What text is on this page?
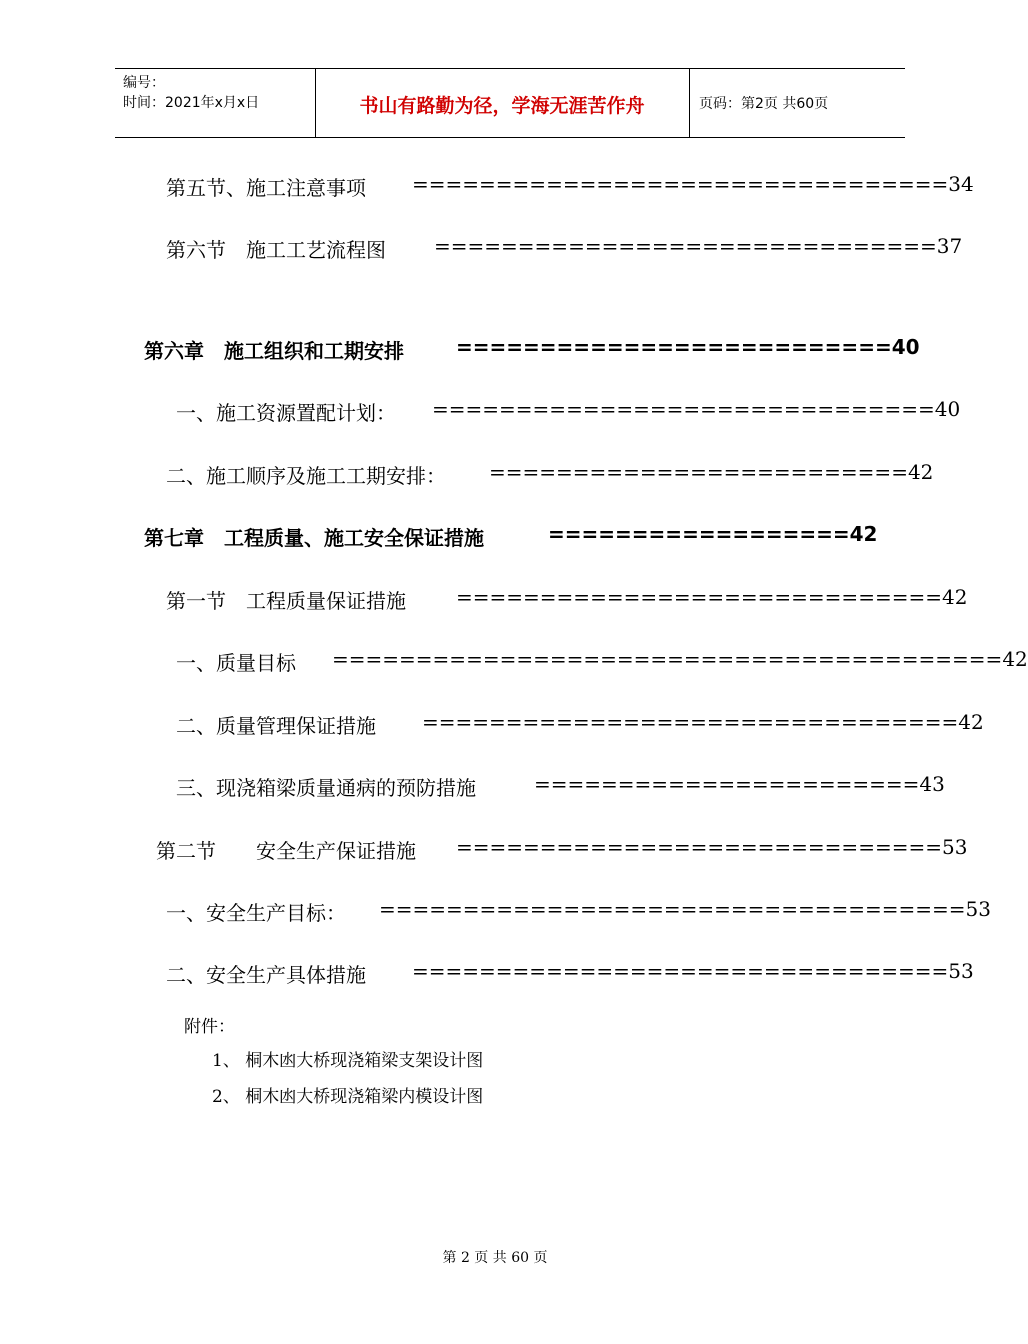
编号：
时间：2021年x月x日	书山有路勤为径，学海无涯苦作舟	页码：第2页 共60页
第五节、施工注意事项 ================================34
第六节　施工工艺流程图 ==============================37
第六章　施工组织和工期安排	==========================40
一、施工资源置配计划： ==============================40
二、施工顺序及施工工期安排： =========================42
第七章　工程质量、施工安全保证措施	==================42
第一节　工程质量保证措施	=============================42
一、质量目标 ========================================42
二、质量管理保证措施 ================================42
三、现浇箱梁质量通病的预防措施	=======================43
第二节　　安全生产保证措施 =============================53
一、安全生产目标： ===================================53
二、安全生产具体措施 ================================53
附件：
1、 桐木凼大桥现浇箱梁支架设计图
2、 桐木凼大桥现浇箱梁内模设计图
第 2 页 共 60 页
